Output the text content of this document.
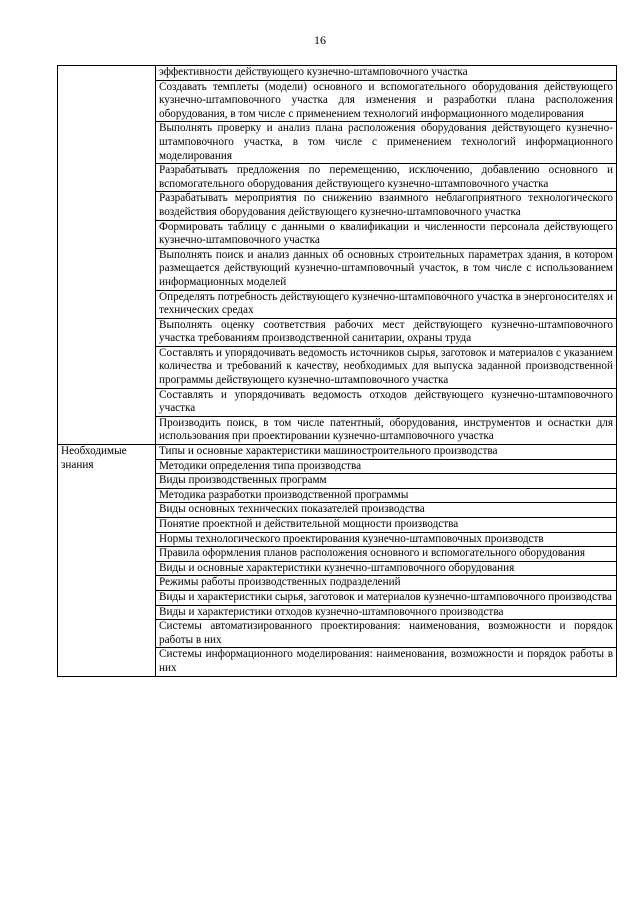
16
	эффективности действующего кузнечно-штамповочного участка
	Создавать темплеты (модели) основного и вспомогательного оборудования действующего кузнечно-штамповочного участка для изменения и разработки плана расположения оборудования, в том числе с применением технологий информационного моделирования
	Выполнять проверку и анализ плана расположения оборудования действующего кузнечно-штамповочного участка, в том числе с применением технологий информационного моделирования
	Разрабатывать предложения по перемещению, исключению, добавлению основного и вспомогательного оборудования действующего кузнечно-штамповочного участка
	Разрабатывать мероприятия по снижению взаимного неблагоприятного технологического воздействия оборудования действующего кузнечно-штамповочного участка
	Формировать таблицу с данными о квалификации и численности персонала действующего кузнечно-штамповочного участка
	Выполнять поиск и анализ данных об основных строительных параметрах здания, в котором размещается действующий кузнечно-штамповочный участок, в том числе с использованием информационных моделей
	Определять потребность действующего кузнечно-штамповочного участка в энергоносителях и технических средах
	Выполнять оценку соответствия рабочих мест действующего кузнечно-штамповочного участка требованиям производственной санитарии, охраны труда
	Составлять и упорядочивать ведомость источников сырья, заготовок и материалов с указанием количества и требований к качеству, необходимых для выпуска заданной производственной программы действующего кузнечно-штамповочного участка
	Составлять и упорядочивать ведомость отходов действующего кузнечно-штамповочного участка
	Производить поиск, в том числе патентный, оборудования, инструментов и оснастки для использования при проектировании кузнечно-штамповочного участка
Необходимые знания	Типы и основные характеристики машиностроительного производства
	Методики определения типа производства
	Виды производственных программ
	Методика разработки производственной программы
	Виды основных технических показателей производства
	Понятие проектной и действительной мощности производства
	Нормы технологического проектирования кузнечно-штамповочных производств
	Правила оформления планов расположения основного и вспомогательного оборудования
	Виды и основные характеристики кузнечно-штамповочного оборудования
	Режимы работы производственных подразделений
	Виды и характеристики сырья, заготовок и материалов кузнечно-штамповочного производства
	Виды и характеристики отходов кузнечно-штамповочного производства
	Системы автоматизированного проектирования: наименования, возможности и порядок работы в них
	Системы информационного моделирования: наименования, возможности и порядок работы в них
